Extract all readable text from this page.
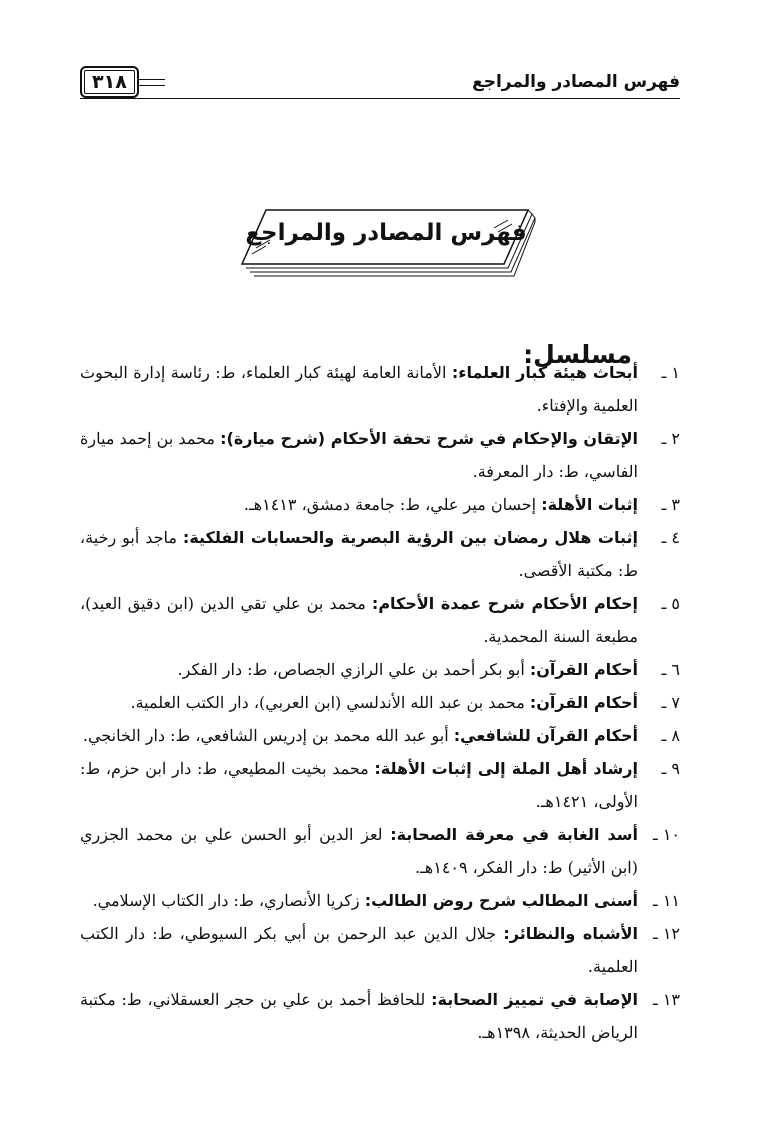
فهرس المصادر والمراجع
٣١٨
فهرس المصادر والمراجع
مسلسل:
١ ـ
أبحاث هيئة كبار العلماء: الأمانة العامة لهيئة كبار العلماء، ط: رئاسة إدارة البحوث العلمية والإفتاء.
٢ ـ
الإتقان والإحكام في شرح تحفة الأحكام (شرح ميارة): محمد بن إحمد ميارة الفاسي، ط: دار المعرفة.
٣ ـ
إثبات الأهلة: إحسان مير علي، ط: جامعة دمشق، ١٤١٣هـ.
٤ ـ
إثبات هلال رمضان بين الرؤية البصرية والحسابات الفلكية: ماجد أبو رخية، ط: مكتبة الأقصى.
٥ ـ
إحكام الأحكام شرح عمدة الأحكام: محمد بن علي تقي الدين (ابن دقيق العيد)، مطبعة السنة المحمدية.
٦ ـ
أحكام القرآن: أبو بكر أحمد بن علي الرازي الجصاص، ط: دار الفكر.
٧ ـ
أحكام القرآن: محمد بن عبد الله الأندلسي (ابن العربي)، دار الكتب العلمية.
٨ ـ
أحكام القرآن للشافعي: أبو عبد الله محمد بن إدريس الشافعي، ط: دار الخانجي.
٩ ـ
إرشاد أهل الملة إلى إثبات الأهلة: محمد بخيت المطيعي، ط: دار ابن حزم، ط: الأولى، ١٤٢١هـ.
١٠ ـ
أسد الغابة في معرفة الصحابة: لعز الدين أبو الحسن علي بن محمد الجزري (ابن الأثير) ط: دار الفكر، ١٤٠٩هـ.
١١ ـ
أسنى المطالب شرح روض الطالب: زكريا الأنصاري، ط: دار الكتاب الإسلامي.
١٢ ـ
الأشباه والنظائر: جلال الدين عبد الرحمن بن أبي بكر السيوطي، ط: دار الكتب العلمية.
١٣ ـ
الإصابة في تمييز الصحابة: للحافظ أحمد بن علي بن حجر العسقلاني، ط: مكتبة الرياض الحديثة، ١٣٩٨هـ.
